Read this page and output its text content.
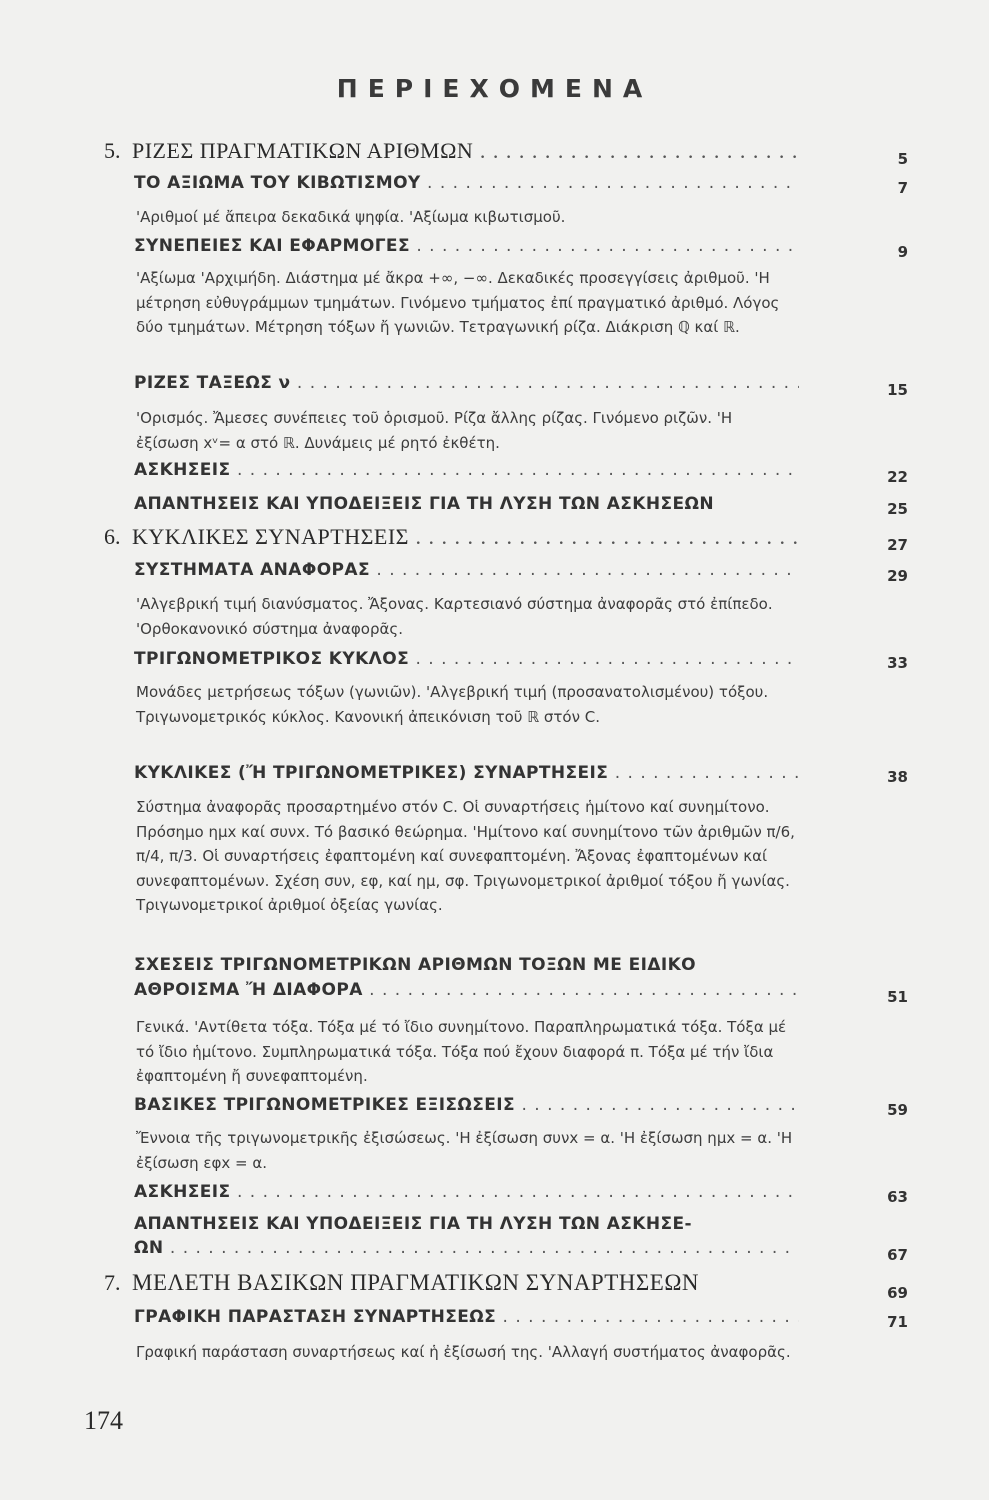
ΠΕΡΙΕΧΟΜΕΝΑ
5. ΡΙΖΕΣ ΠΡΑΓΜΑΤΙΚΩΝ ΑΡΙΘΜΩΝ . . .	5
ΤΟ ΑΞΙΩΜΑ ΤΟΥ ΚΙΒΩΤΙΣΜΟΥ . . .	7
'Αριθμοί μέ ἄπειρα δεκαδικά ψηφία. 'Αξίωμα κιβωτισμοῦ.
ΣΥΝΕΠΕΙΕΣ ΚΑΙ ΕΦΑΡΜΟΓΕΣ . . .	9
'Αξίωμα 'Αρχιμήδη. Διάστημα μέ ἄκρα +∞, −∞. Δεκαδικές προσεγγίσεις ἀριθμοῦ. 'Η μέτρηση εὐθυγράμμων τμημάτων. Γινόμενο τμήματος ἐπί πραγματικό ἀριθμό. Λόγος δύο τμημάτων. Μέτρηση τόξων ἤ γωνιῶν. Τετραγωνική ρίζα. Διάκριση ℚ καί ℝ.
ΡΙΖΕΣ ΤΑΞΕΩΣ ν . . .	15
'Ορισμός. Ἄμεσες συνέπειες τοῦ ὁρισμοῦ. Ρίζα ἄλλης ρίζας. Γινόμενο ριζῶν. 'Η ἐξίσωση xᵛ= α στό ℝ. Δυνάμεις μέ ρητό ἐκθέτη.
ΑΣΚΗΣΕΙΣ . . .	22
ΑΠΑΝΤΗΣΕΙΣ ΚΑΙ ΥΠΟΔΕΙΞΕΙΣ ΓΙΑ ΤΗ ΛΥΣΗ ΤΩΝ ΑΣΚΗΣΕΩΝ	25
6. ΚΥΚΛΙΚΕΣ ΣΥΝΑΡΤΗΣΕΙΣ . . .	27
ΣΥΣΤΗΜΑΤΑ ΑΝΑΦΟΡΑΣ . . .	29
'Αλγεβρική τιμή διανύσματος. Ἄξονας. Καρτεσιανό σύστημα ἀναφορᾶς στό ἐπίπεδο. 'Ορθοκανονικό σύστημα ἀναφορᾶς.
ΤΡΙΓΩΝΟΜΕΤΡΙΚΟΣ ΚΥΚΛΟΣ . . .	33
Μονάδες μετρήσεως τόξων (γωνιῶν). 'Αλγεβρική τιμή (προσανατολισμένου) τόξου. Τριγωνομετρικός κύκλος. Κανονική ἀπεικόνιση τοῦ ℝ στόν C.
ΚΥΚΛΙΚΕΣ (Ἤ ΤΡΙΓΩΝΟΜΕΤΡΙΚΕΣ) ΣΥΝΑΡΤΗΣΕΙΣ . . .	38
Σύστημα ἀναφορᾶς προσαρτημένο στόν C. Οἱ συναρτήσεις ἡμίτονο καί συνημίτονο. Πρόσημο ημx καί συνx. Τό βασικό θεώρημα. 'Ημίτονο καί συνημίτονο τῶν ἀριθμῶν π/6, π/4, π/3. Οἱ συναρτήσεις ἐφαπτομένη καί συνεφαπτομένη. Ἄξονας ἐφαπτομένων καί συνεφαπτομένων. Σχέση συν, εφ, καί ημ, σφ. Τριγωνομετρικοί ἀριθμοί τόξου ἤ γωνίας. Τριγωνομετρικοί ἀριθμοί ὀξείας γωνίας.
ΣΧΕΣΕΙΣ ΤΡΙΓΩΝΟΜΕΤΡΙΚΩΝ ΑΡΙΘΜΩΝ ΤΟΞΩΝ ΜΕ ΕΙΔΙΚΟ
ΑΘΡΟΙΣΜΑ Ἤ ΔΙΑΦΟΡΑ . . .	51
Γενικά. 'Αντίθετα τόξα. Τόξα μέ τό ἴδιο συνημίτονο. Παραπληρωματικά τόξα. Τόξα μέ τό ἴδιο ἡμίτονο. Συμπληρωματικά τόξα. Τόξα πού ἔχουν διαφορά π. Τόξα μέ τήν ἴδια ἐφαπτομένη ἤ συνεφαπτομένη.
ΒΑΣΙΚΕΣ ΤΡΙΓΩΝΟΜΕΤΡΙΚΕΣ ΕΞΙΣΩΣΕΙΣ . . .	59
Ἔννοια τῆς τριγωνομετρικῆς ἐξισώσεως. 'Η ἐξίσωση συνx = α. 'Η ἐξίσωση ημx = α. 'Η ἐξίσωση εφx = α.
ΑΣΚΗΣΕΙΣ . . .	63
ΑΠΑΝΤΗΣΕΙΣ ΚΑΙ ΥΠΟΔΕΙΞΕΙΣ ΓΙΑ ΤΗ ΛΥΣΗ ΤΩΝ ΑΣΚΗΣΕ-
ΩΝ . . .	67
7. ΜΕΛΕΤΗ ΒΑΣΙΚΩΝ ΠΡΑΓΜΑΤΙΚΩΝ ΣΥΝΑΡΤΗΣΕΩΝ	69
ΓΡΑΦΙΚΗ ΠΑΡΑΣΤΑΣΗ ΣΥΝΑΡΤΗΣΕΩΣ . . .	71
Γραφική παράσταση συναρτήσεως καί ἡ ἐξίσωσή της. 'Αλλαγή συστήματος ἀναφορᾶς.
174
